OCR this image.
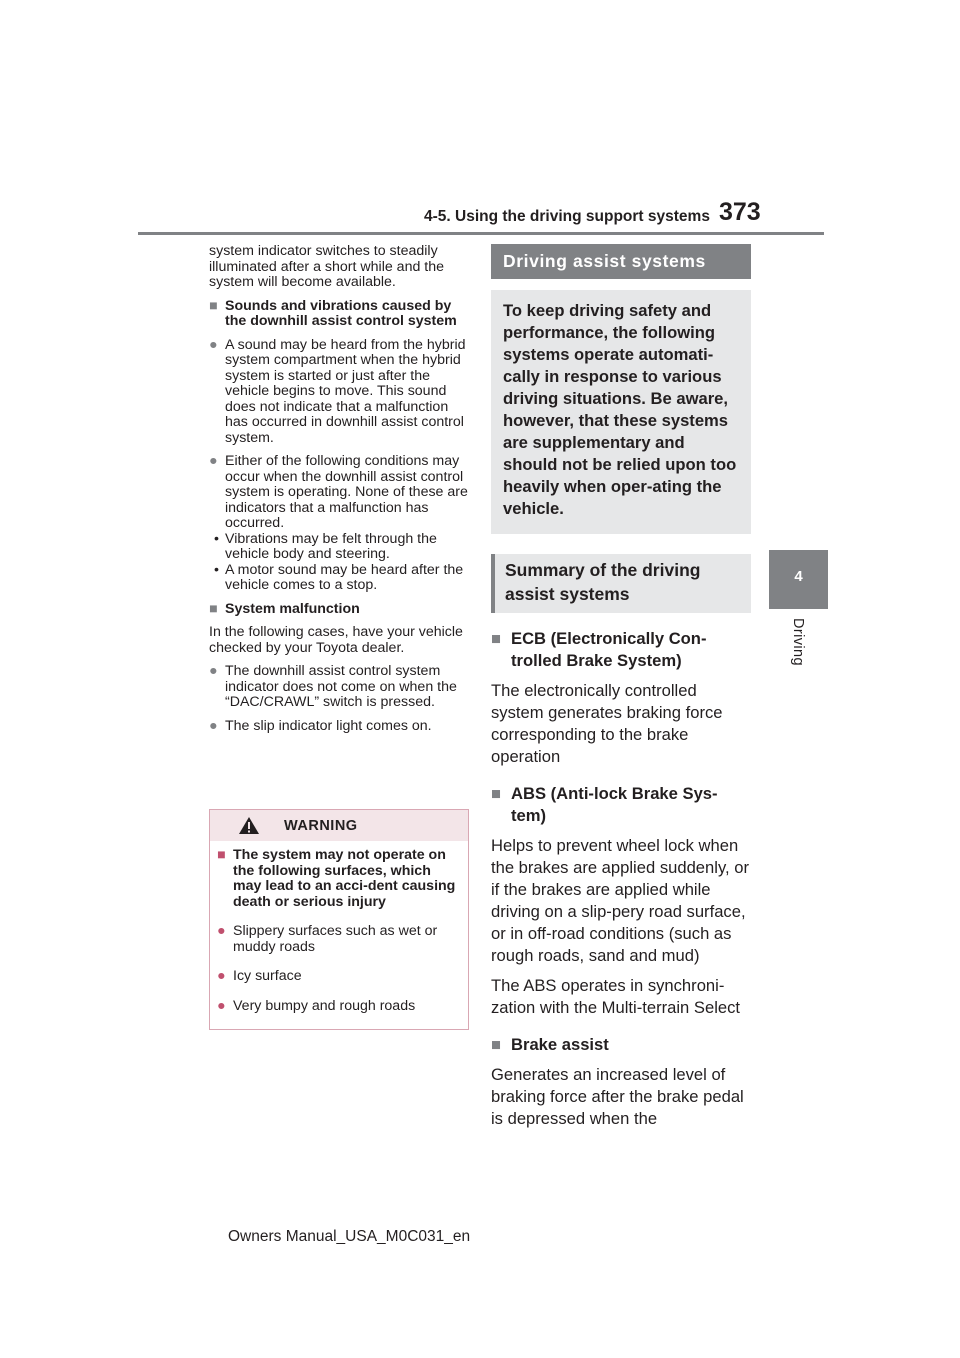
4-5. Using the driving support systems 373
4
Driving

system indicator switches to steadily illuminated after a short while and the system will become available.

■ Sounds and vibrations caused by the downhill assist control system

● A sound may be heard from the hybrid system compartment when the hybrid system is started or just after the vehicle begins to move. This sound does not indicate that a malfunction has occurred in downhill assist control system.

● Either of the following conditions may occur when the downhill assist control system is operating. None of these are indicators that a malfunction has occurred.

• Vibrations may be felt through the vehicle body and steering.

• A motor sound may be heard after the vehicle comes to a stop.

■ System malfunction

In the following cases, have your vehicle checked by your Toyota dealer.

● The downhill assist control system indicator does not come on when the “DAC/CRAWL” switch is pressed.

● The slip indicator light comes on.

WARNING

■ The system may not operate on the following surfaces, which may lead to an acci-dent causing death or serious injury

● Slippery surfaces such as wet or muddy roads

● Icy surface

● Very bumpy and rough roads

Driving assist systems
To keep driving safety and performance, the following systems operate automati-cally in response to various driving situations. Be aware, however, that these systems are supplementary and should not be relied upon too heavily when oper-ating the vehicle.
Summary of the driving assist systems
■ ECB (Electronically Con-trolled Brake System)
The electronically controlled system generates braking force corresponding to the brake operation
■ ABS (Anti-lock Brake Sys-tem)
Helps to prevent wheel lock when the brakes are applied suddenly, or if the brakes are applied while driving on a slip-pery road surface, or in off-road conditions (such as rough roads, sand and mud)
The ABS operates in synchroni-zation with the Multi-terrain Select
■ Brake assist
Generates an increased level of braking force after the brake pedal is depressed when the
Owners Manual_USA_M0C031_en
